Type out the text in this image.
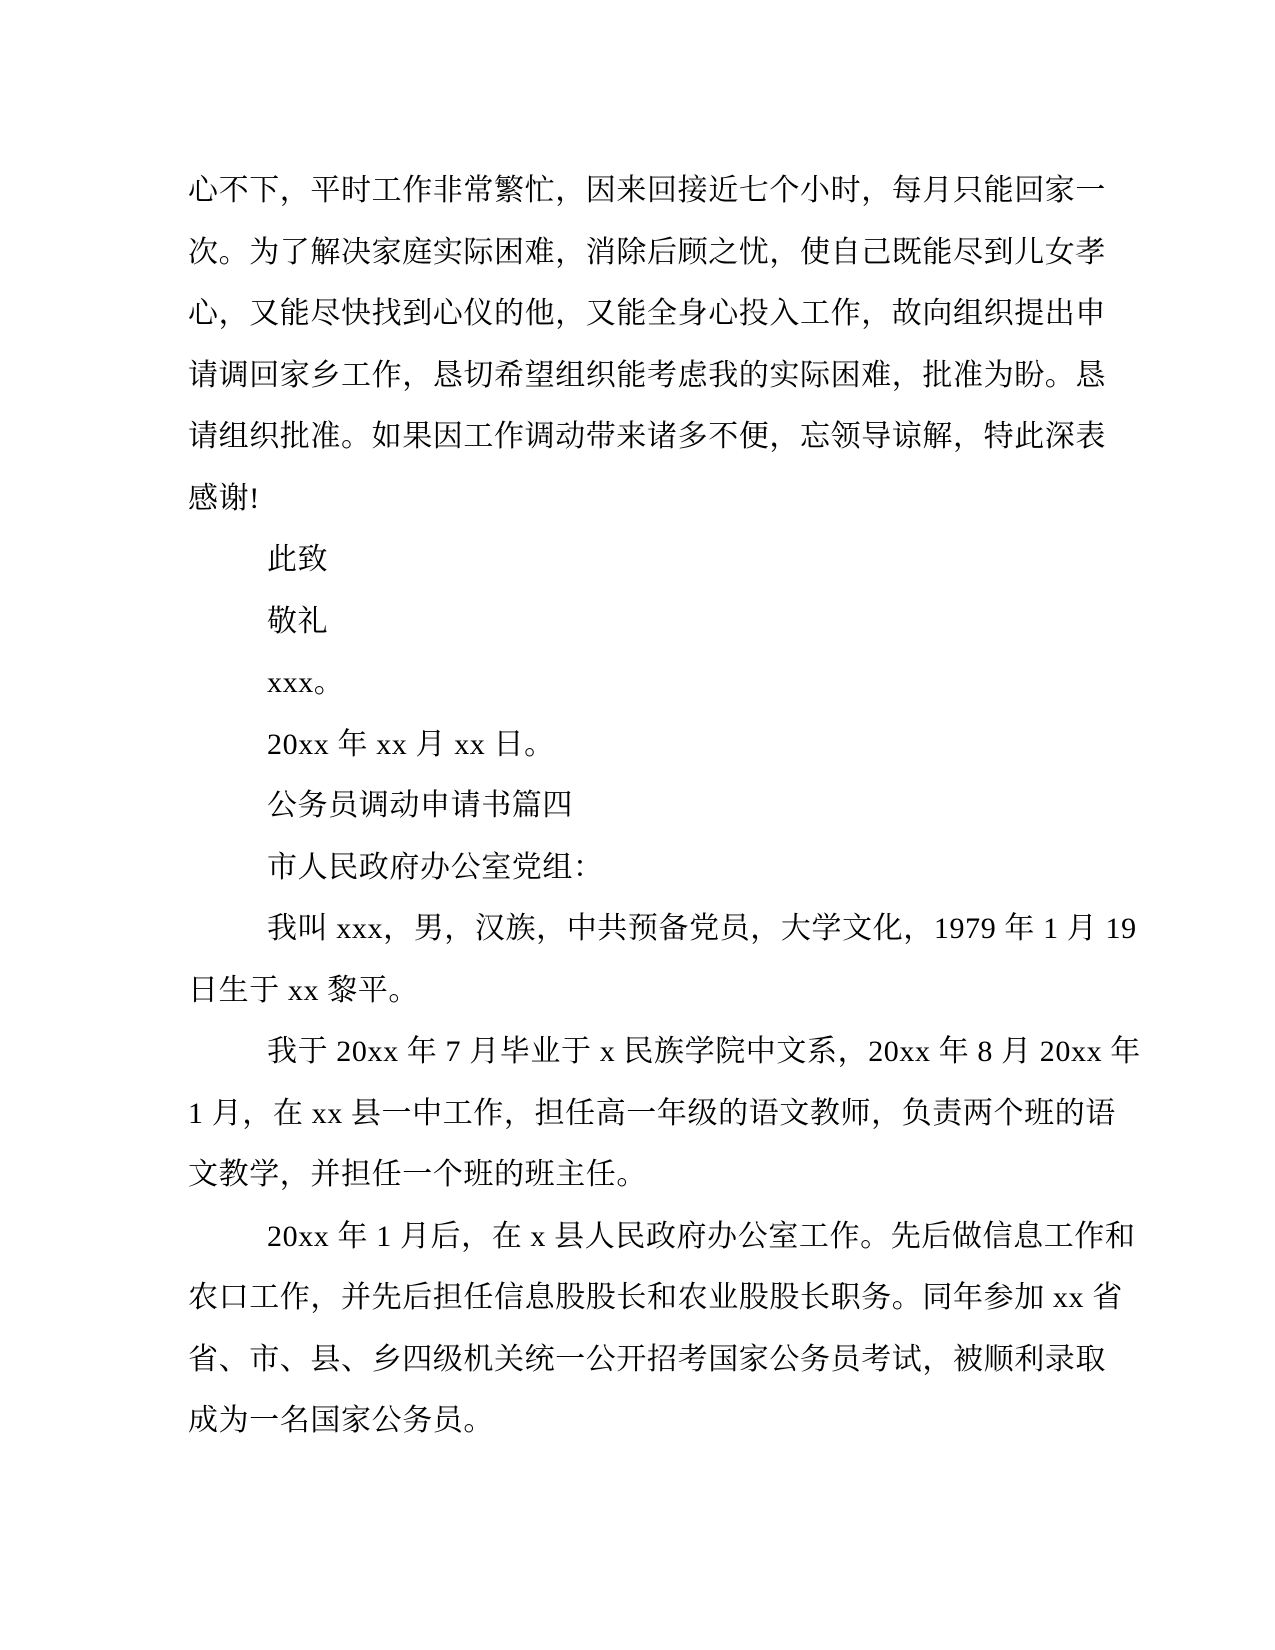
心不下，平时工作非常繁忙，因来回接近七个小时，每月只能回家一
次。为了解决家庭实际困难，消除后顾之忧，使自己既能尽到儿女孝
心，又能尽快找到心仪的他，又能全身心投入工作，故向组织提出申
请调回家乡工作，恳切希望组织能考虑我的实际困难，批准为盼。恳
请组织批准。如果因工作调动带来诸多不便，忘领导谅解，特此深表
感谢!
此致
敬礼
xxx。
20xx 年 xx 月 xx 日。
公务员调动申请书篇四
市人民政府办公室党组：
我叫 xxx，男，汉族，中共预备党员，大学文化，1979 年 1 月 19
日生于 xx 黎平。
我于 20xx 年 7 月毕业于 x 民族学院中文系，20xx 年 8 月 20xx 年
1 月，在 xx 县一中工作，担任高一年级的语文教师，负责两个班的语
文教学，并担任一个班的班主任。
20xx 年 1 月后，在 x 县人民政府办公室工作。先后做信息工作和
农口工作，并先后担任信息股股长和农业股股长职务。同年参加 xx 省
省、市、县、乡四级机关统一公开招考国家公务员考试，被顺利录取
成为一名国家公务员。
